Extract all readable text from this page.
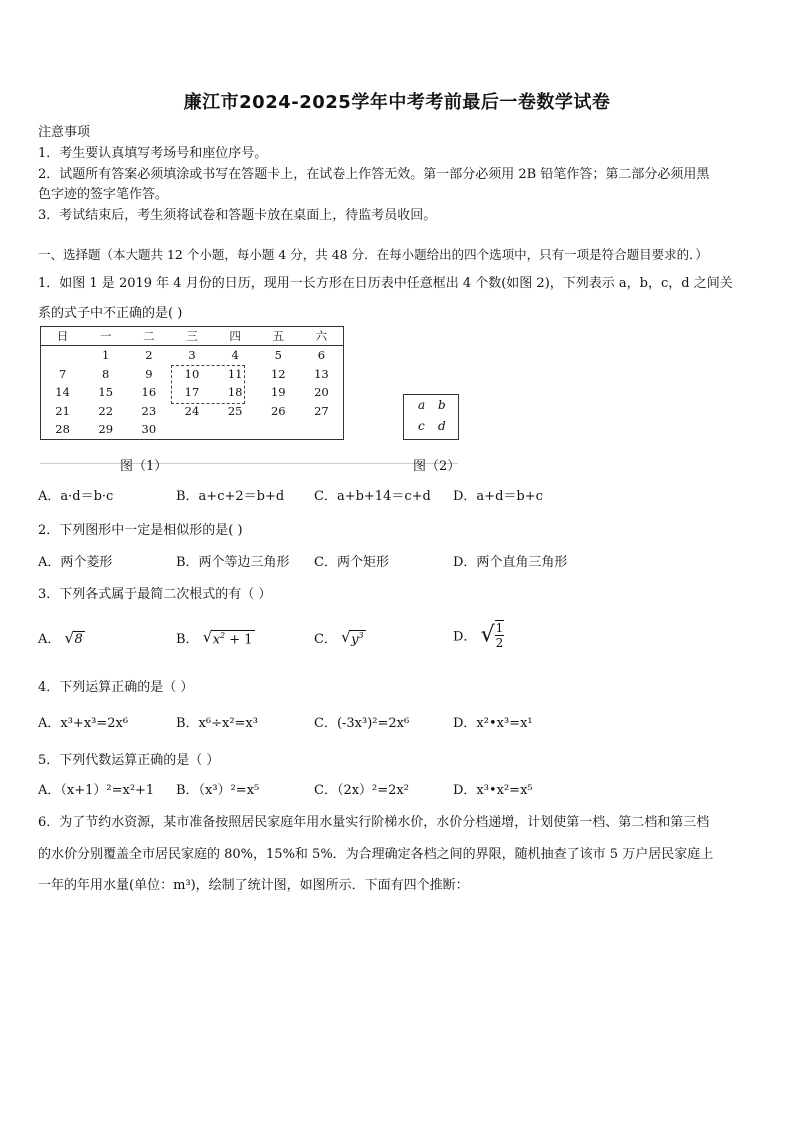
廉江市2024-2025学年中考考前最后一卷数学试卷
注意事项
1．考生要认真填写考场号和座位序号。
2．试题所有答案必须填涂或书写在答题卡上，在试卷上作答无效。第一部分必须用 2B 铅笔作答；第二部分必须用黑
色字迹的签字笔作答。
3．考试结束后，考生须将试卷和答题卡放在桌面上，待监考员收回。
一、选择题（本大题共 12 个小题，每小题 4 分，共 48 分．在每小题给出的四个选项中，只有一项是符合题目要求的．）
1．如图 1 是 2019 年 4 月份的日历，现用一长方形在日历表中任意框出 4 个数(如图 2)，下列表示 a，b，c，d 之间关
系的式子中不正确的是( )
日	一	二	三	四	五	六
	1	2	3	4	5	6
7	8	9	10	11	12	13
14	15	16	17	18	19	20
21	22	23	24	25	26	27
28	29	30				
a b
c d
图（1）	图（2）
A．a·d＝b·c	B．a+c+2＝b+d C．a+b+14＝c+d D．a+d＝b+c
2．下列图形中一定是相似形的是( )
A．两个菱形	B．两个等边三角形 C．两个矩形	D．两个直角三角形
3．下列各式属于最简二次根式的有（ ）
A． √ 8	B． √ $x^2 + 1$	C． √ $y^3$	D． √ $\frac{1}{2}$
4．下列运算正确的是（ ）
A．x³+x³=2x⁶	B．x⁶÷x²=x³	C．(-3x³)²=2x⁶	D．x²•x³=x¹
5．下列代数运算正确的是（ ）
A．（x+1）²=x²+1 B．（x³）²=x⁵	C．（2x）²=2x²	D．x³•x²=x⁵
6．为了节约水资源，某市准备按照居民家庭年用水量实行阶梯水价，水价分档递增，计划使第一档、第二档和第三档
的水价分别覆盖全市居民家庭的 80%，15%和 5%．为合理确定各档之间的界限，随机抽查了该市 5 万户居民家庭上
一年的年用水量(单位：m³)，绘制了统计图，如图所示．下面有四个推断：
